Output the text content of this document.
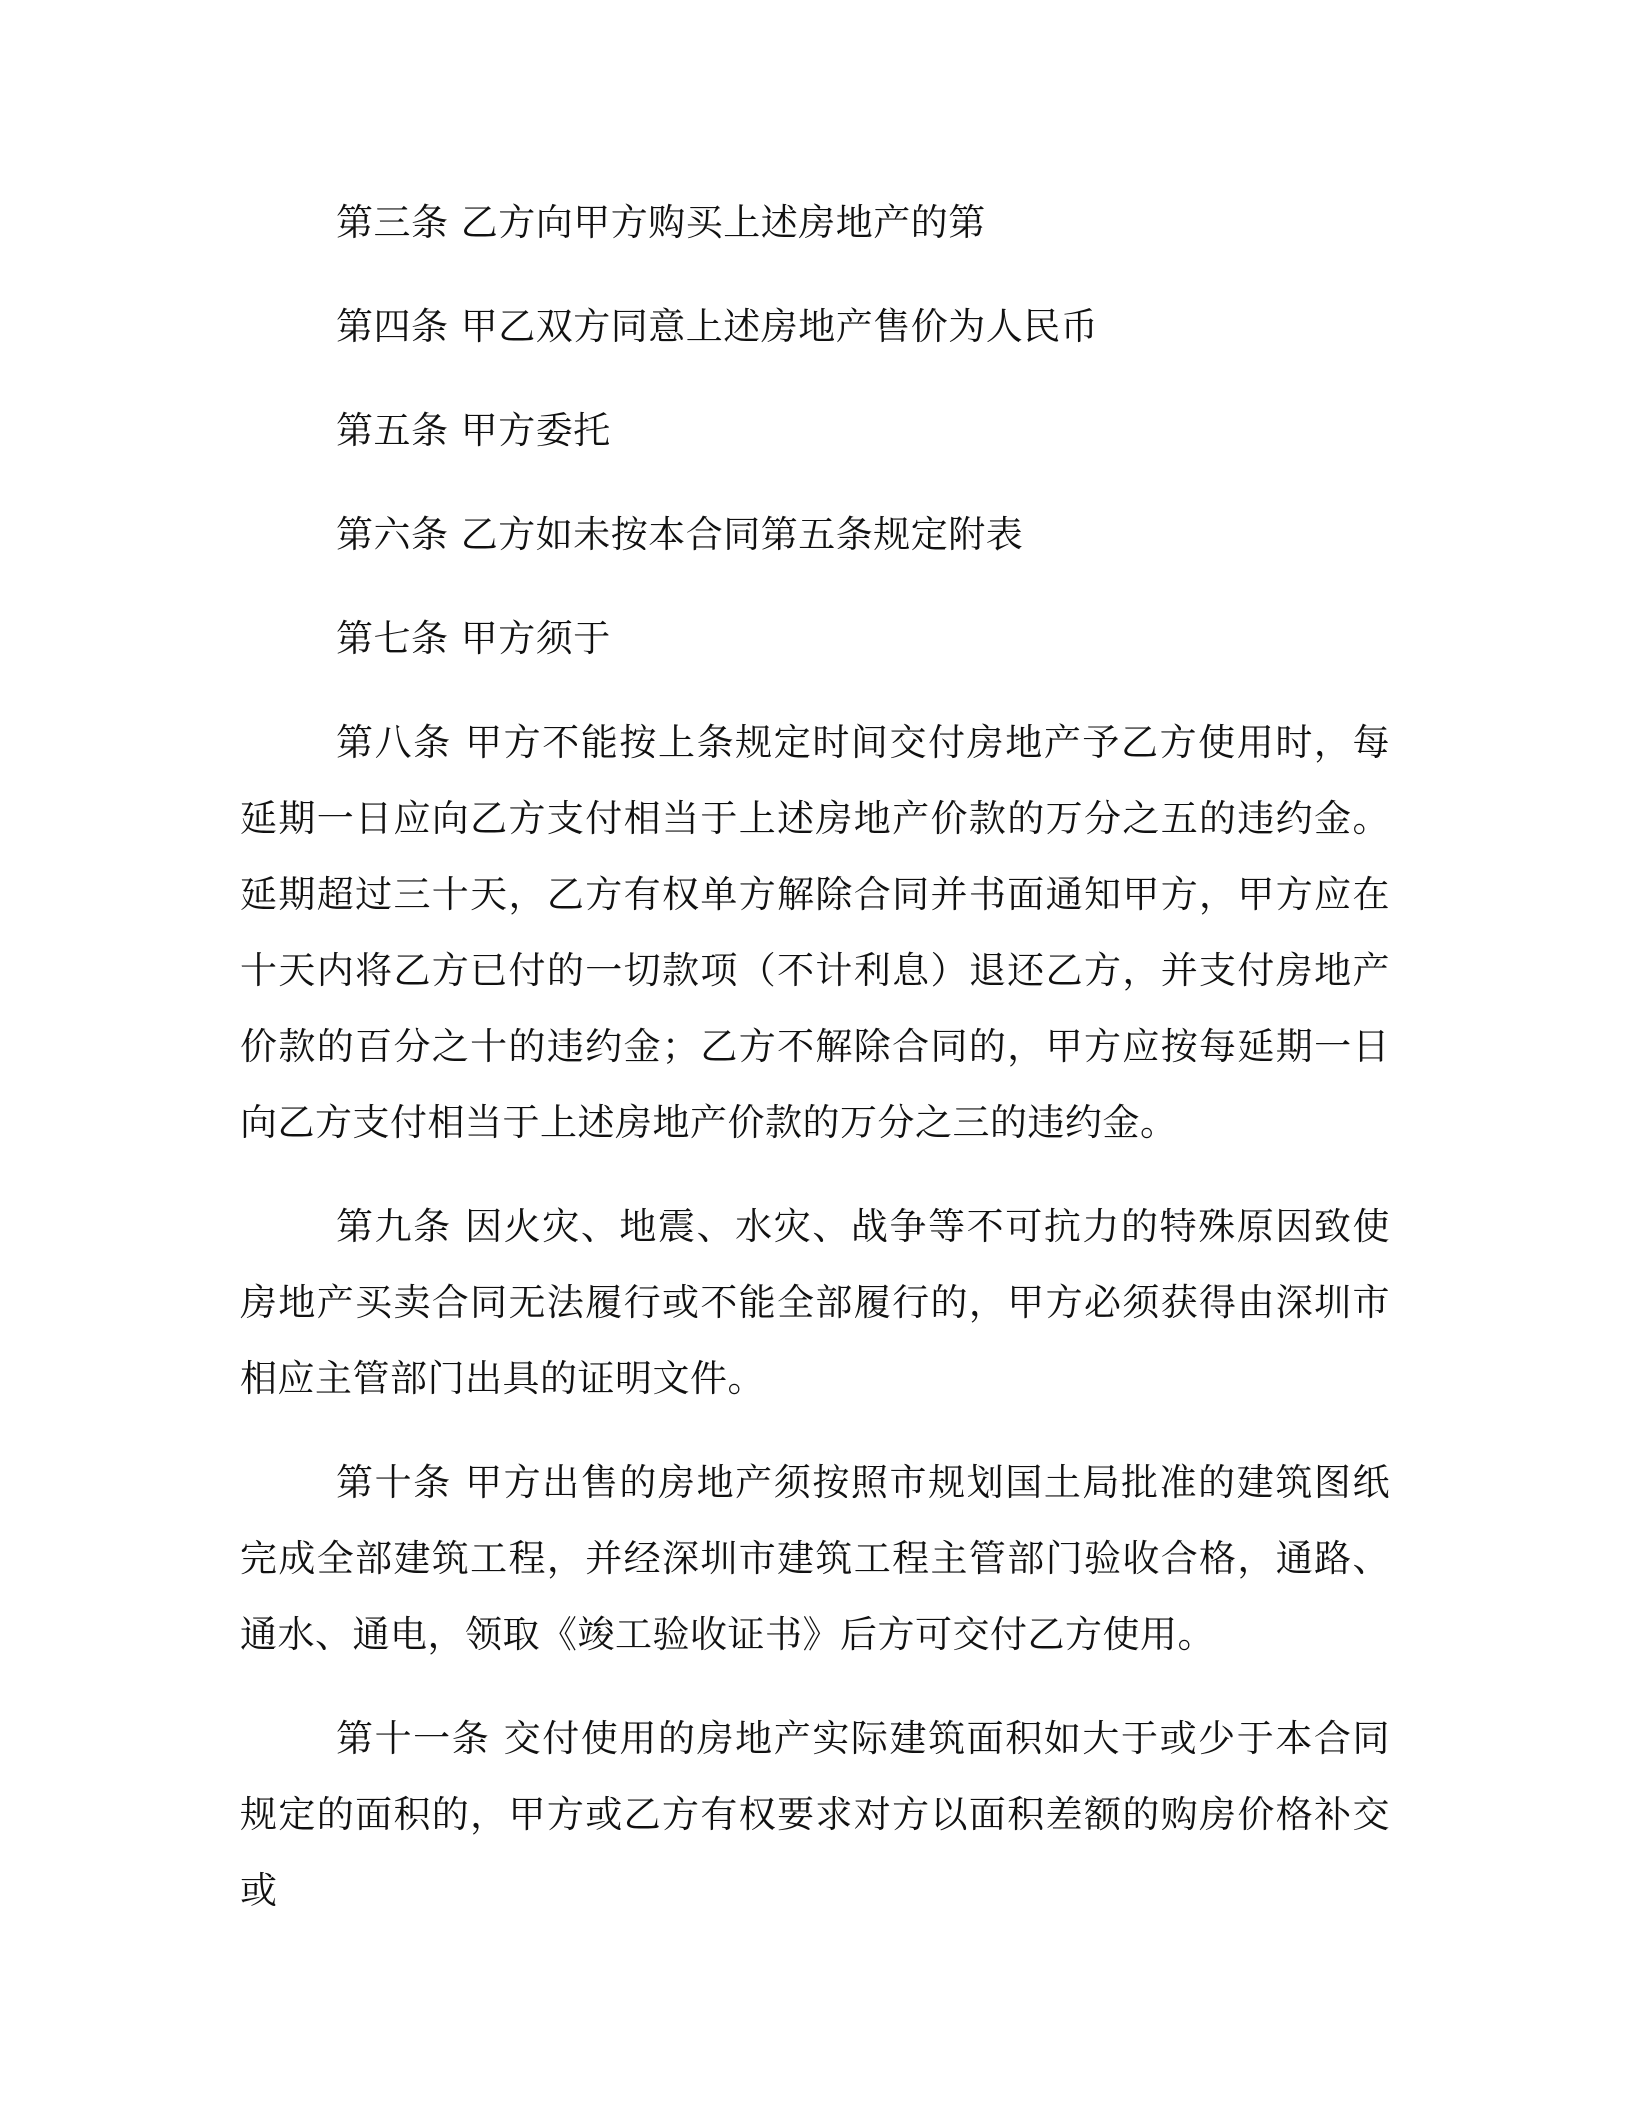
第三条 乙方向甲方购买上述房地产的第

第四条 甲乙双方同意上述房地产售价为人民币

第五条 甲方委托

第六条 乙方如未按本合同第五条规定附表

第七条 甲方须于

第八条 甲方不能按上条规定时间交付房地产予乙方使用时，每延期一日应向乙方支付相当于上述房地产价款的万分之五的违约金。 延期超过三十天，乙方有权单方解除合同并书面通知甲方，甲方应在十天内将乙方已付的一切款项（不计利息）退还乙方，并支付房地产价款的百分之十的违约金；乙方不解除合同的，甲方应按每延期一日向乙方支付相当于上述房地产价款的万分之三的违约金。

第九条 因火灾、地震、水灾、战争等不可抗力的特殊原因致使房地产买卖合同无法履行或不能全部履行的，甲方必须获得由深圳市相应主管部门出具的证明文件。

第十条 甲方出售的房地产须按照市规划国土局批准的建筑图纸完成全部建筑工程，并经深圳市建筑工程主管部门验收合格，通路、通水、通电，领取《竣工验收证书》后方可交付乙方使用。

第十一条 交付使用的房地产实际建筑面积如大于或少于本合同规定的面积的，甲方或乙方有权要求对方以面积差额的购房价格补交或
